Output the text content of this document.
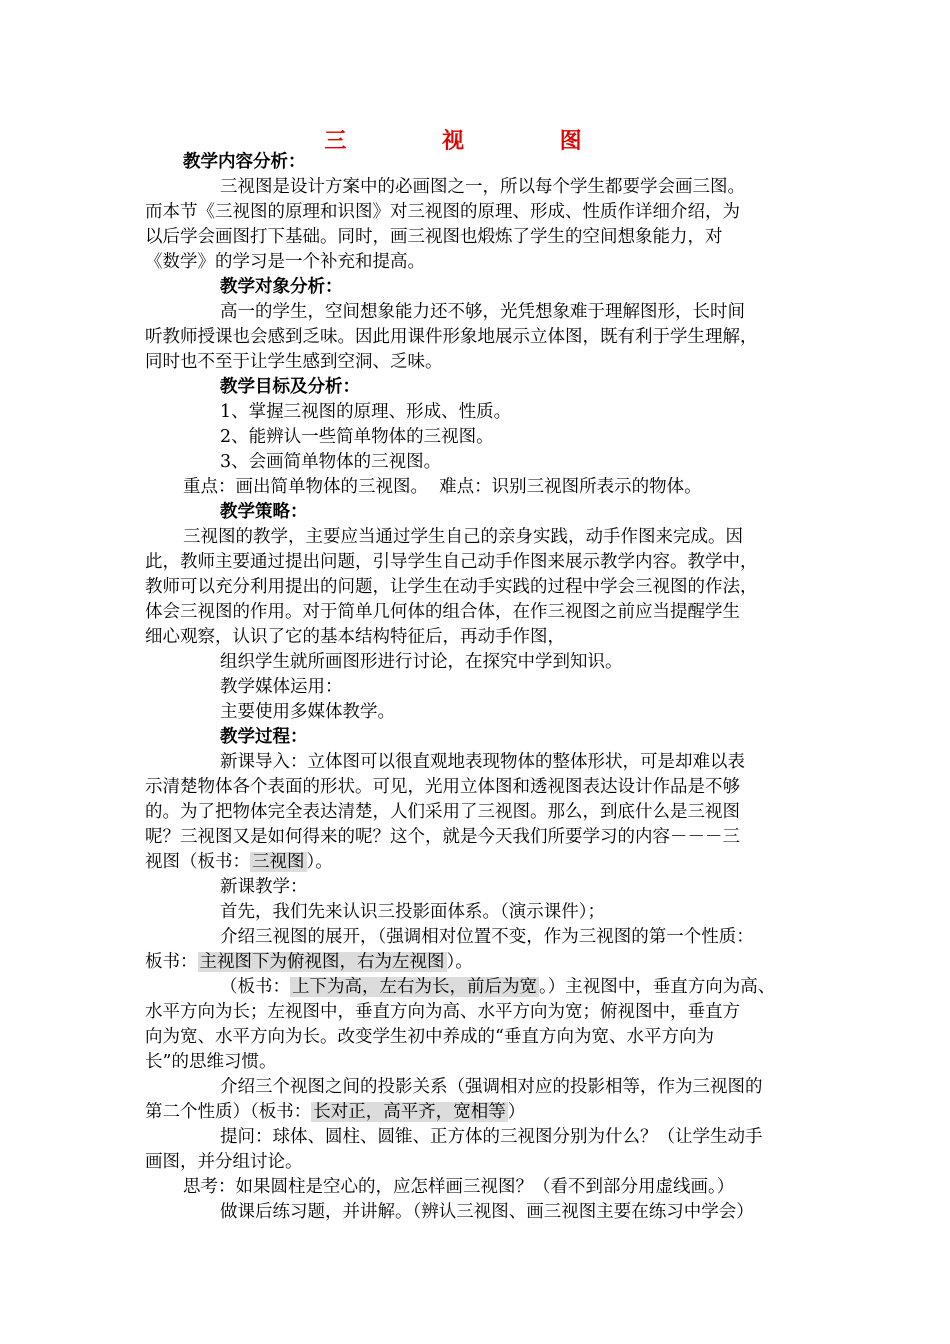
三 视 图
教学内容分析：
三视图是设计方案中的必画图之一，所以每个学生都要学会画三图。
而本节《三视图的原理和识图》对三视图的原理、形成、性质作详细介绍，为
以后学会画图打下基础。同时，画三视图也煅炼了学生的空间想象能力，对
《数学》的学习是一个补充和提高。
教学对象分析：
高一的学生，空间想象能力还不够，光凭想象难于理解图形，长时间
听教师授课也会感到乏味。因此用课件形象地展示立体图，既有利于学生理解，
同时也不至于让学生感到空洞、乏味。
教学目标及分析：
1、掌握三视图的原理、形成、性质。
2、能辨认一些简单物体的三视图。
3、会画简单物体的三视图。
重点：画出简单物体的三视图。  难点：识别三视图所表示的物体。
教学策略：
三视图的教学，主要应当通过学生自己的亲身实践，动手作图来完成。因
此，教师主要通过提出问题，引导学生自己动手作图来展示教学内容。教学中，
教师可以充分利用提出的问题，让学生在动手实践的过程中学会三视图的作法，
体会三视图的作用。对于简单几何体的组合体，在作三视图之前应当提醒学生
细心观察，认识了它的基本结构特征后，再动手作图，
组织学生就所画图形进行讨论，在探究中学到知识。
教学媒体运用：
主要使用多媒体教学。
教学过程：
新课导入：立体图可以很直观地表现物体的整体形状，可是却难以表
示清楚物体各个表面的形状。可见，光用立体图和透视图表达设计作品是不够
的。为了把物体完全表达清楚，人们采用了三视图。那么，到底什么是三视图
呢？三视图又是如何得来的呢？这个，就是今天我们所要学习的内容－－－三
视图（板书： 三视图 ）。
新课教学：
首先，我们先来认识三投影面体系。（演示课件）；
介绍三视图的展开，（强调相对位置不变，作为三视图的第一个性质：
板书： 主视图下为俯视图，右为左视图 ）。
（板书： 上下为高，左右为长，前后为宽 。）主视图中，垂直方向为高、
水平方向为长；左视图中，垂直方向为高、水平方向为宽；俯视图中，垂直方
向为宽、水平方向为长。改变学生初中养成的“垂直方向为宽、水平方向为
长”的思维习惯。
介绍三个视图之间的投影关系（强调相对应的投影相等，作为三视图的
第二个性质）（板书： 长对正，高平齐，宽相等 ）
提问：球体、圆柱、圆锥、正方体的三视图分别为什么？（让学生动手
画图，并分组讨论。
思考：如果圆柱是空心的，应怎样画三视图？（看不到部分用虚线画。）
做课后练习题，并讲解。（辨认三视图、画三视图主要在练习中学会）
